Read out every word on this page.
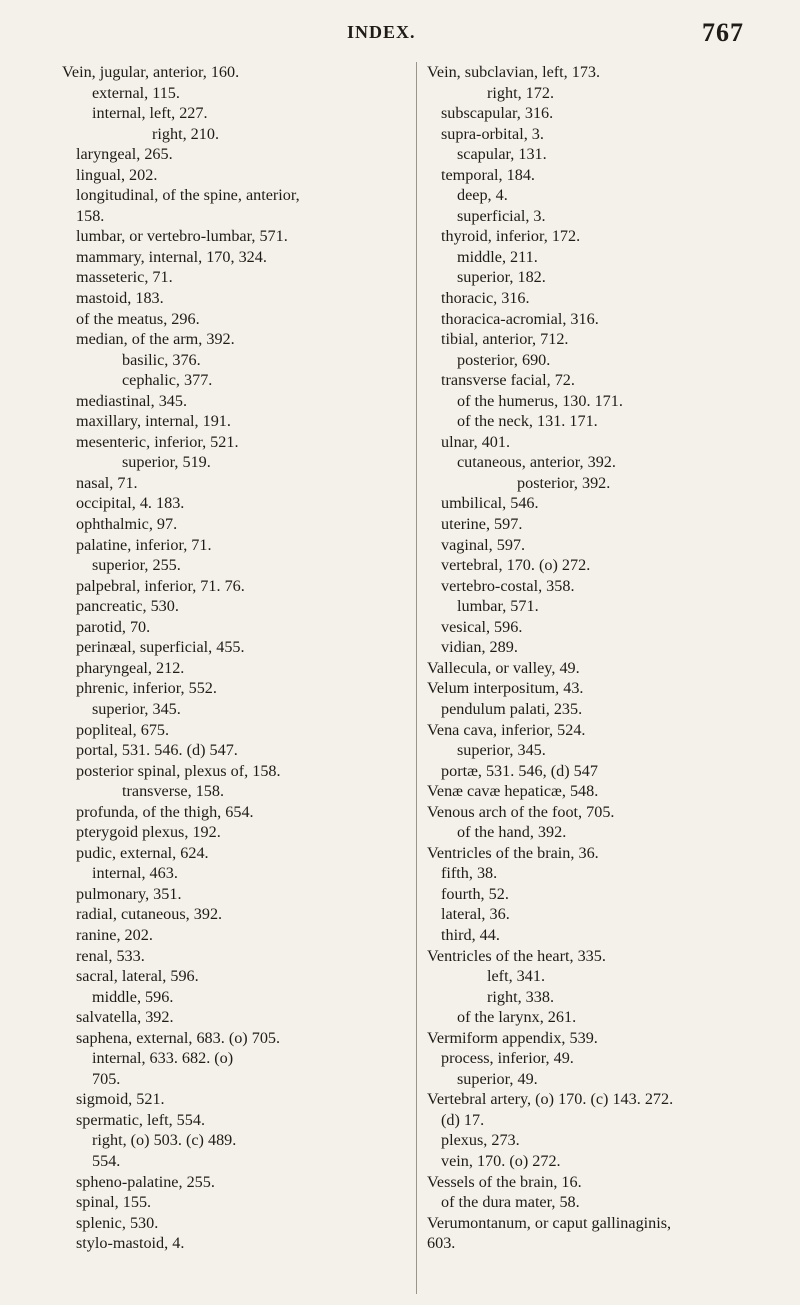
INDEX.	767
Vein, jugular, anterior, 160.
external, 115.
internal, left, 227.
right, 210.
laryngeal, 265.
lingual, 202.
longitudinal, of the spine, anterior,
158.
lumbar, or vertebro-lumbar, 571.
mammary, internal, 170, 324.
masseteric, 71.
mastoid, 183.
of the meatus, 296.
median, of the arm, 392.
basilic, 376.
cephalic, 377.
mediastinal, 345.
maxillary, internal, 191.
mesenteric, inferior, 521.
superior, 519.
nasal, 71.
occipital, 4. 183.
ophthalmic, 97.
palatine, inferior, 71.
superior, 255.
palpebral, inferior, 71. 76.
pancreatic, 530.
parotid, 70.
perinæal, superficial, 455.
pharyngeal, 212.
phrenic, inferior, 552.
superior, 345.
popliteal, 675.
portal, 531. 546. (d) 547.
posterior spinal, plexus of, 158.
transverse, 158.
profunda, of the thigh, 654.
pterygoid plexus, 192.
pudic, external, 624.
internal, 463.
pulmonary, 351.
radial, cutaneous, 392.
ranine, 202.
renal, 533.
sacral, lateral, 596.
middle, 596.
salvatella, 392.
saphena, external, 683. (o) 705.
internal, 633. 682. (o)
705.
sigmoid, 521.
spermatic, left, 554.
right, (o) 503. (c) 489.
554.
spheno-palatine, 255.
spinal, 155.
splenic, 530.
stylo-mastoid, 4.
Vein, subclavian, left, 173.
right, 172.
subscapular, 316.
supra-orbital, 3.
scapular, 131.
temporal, 184.
deep, 4.
superficial, 3.
thyroid, inferior, 172.
middle, 211.
superior, 182.
thoracic, 316.
thoracica-acromial, 316.
tibial, anterior, 712.
posterior, 690.
transverse facial, 72.
of the humerus, 130. 171.
of the neck, 131. 171.
ulnar, 401.
cutaneous, anterior, 392.
posterior, 392.
umbilical, 546.
uterine, 597.
vaginal, 597.
vertebral, 170. (o) 272.
vertebro-costal, 358.
lumbar, 571.
vesical, 596.
vidian, 289.
Vallecula, or valley, 49.
Velum interpositum, 43.
pendulum palati, 235.
Vena cava, inferior, 524.
superior, 345.
portæ, 531. 546, (d) 547
Venæ cavæ hepaticæ, 548.
Venous arch of the foot, 705.
of the hand, 392.
Ventricles of the brain, 36.
fifth, 38.
fourth, 52.
lateral, 36.
third, 44.
Ventricles of the heart, 335.
left, 341.
right, 338.
of the larynx, 261.
Vermiform appendix, 539.
process, inferior, 49.
superior, 49.
Vertebral artery, (o) 170. (c) 143. 272.
(d) 17.
plexus, 273.
vein, 170. (o) 272.
Vessels of the brain, 16.
of the dura mater, 58.
Verumontanum, or caput gallinaginis,
603.
